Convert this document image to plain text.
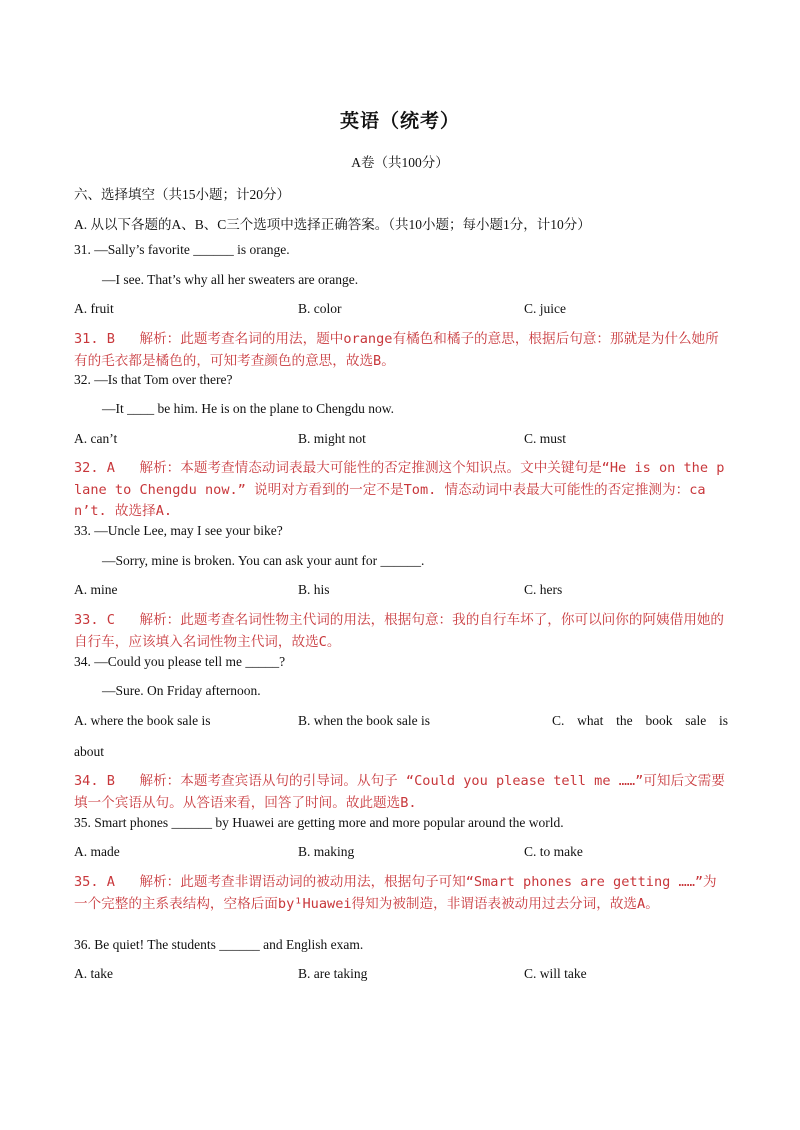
英语（统考）
A卷（共100分）
六、选择填空（共15小题；计20分）
A. 从以下各题的A、B、C三个选项中选择正确答案。（共10小题；每小题1分，计10分）
31. —Sally’s favorite ______ is orange.
—I see. That’s why all her sweaters are orange.
A. fruit	B. color	C. juice
31. B   解析：此题考查名词的用法，题中orange有橘色和橘子的意思，根据后句意：那就是为什么她所有的毛衣都是橘色的，可知考查颜色的意思，故选B。
32. —Is that Tom over there?
—It ____ be him. He is on the plane to Chengdu now.
A. can’t	B. might not	C. must
32. A   解析：本题考查情态动词表最大可能性的否定推测这个知识点。文中关键句是“He is on the plane to Chengdu now.” 说明对方看到的一定不是Tom. 情态动词中表最大可能性的否定推测为：can’t. 故选择A.
33. —Uncle Lee, may I see your bike?
—Sorry, mine is broken. You can ask your aunt for ______.
A. mine	B. his	C. hers
33. C   解析：此题考查名词性物主代词的用法，根据句意：我的自行车坏了，你可以问你的阿姨借用她的自行车，应该填入名词性物主代词，故选C。
34. —Could you please tell me _____?
—Sure. On Friday afternoon.
A. where the book sale is	B. when the book sale is	C. what the book sale is
about
34. B   解析：本题考查宾语从句的引导词。从句子 “Could you please tell me ……”可知后文需要填一个宾语从句。从答语来看，回答了时间。故此题选B.
35. Smart phones ______ by Huawei are getting more and more popular around the world.
A. made	B. making	C. to make
35. A   解析：此题考查非谓语动词的被动用法，根据句子可知“Smart phones are getting ……”为一个完整的主系表结构，空格后面by¹Huawei得知为被制造，非谓语表被动用过去分词，故选A。
36. Be quiet! The students ______ and English exam.
A. take	B. are taking	C. will take
